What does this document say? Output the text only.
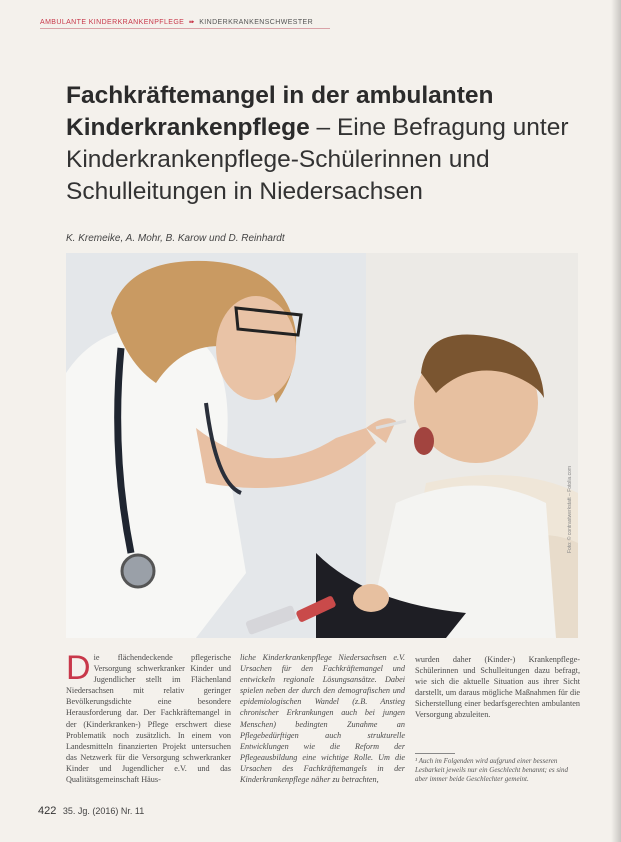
AMBULANTE KINDERKRANKENPFLEGE ➠ KINDERKRANKENSCHWESTER
Fachkräftemangel in der ambulanten Kinderkrankenpflege – Eine Befragung unter Kinderkrankenpflege-Schülerinnen und Schulleitungen in Niedersachsen
K. Kremeike, A. Mohr, B. Karow und D. Reinhardt
Foto: © contrastwerkstatt – Fotolia.com
Die flächendeckende pflegerische Versorgung schwerkranker Kinder und Jugendlicher stellt im Flächenland Niedersachsen mit relativ geringer Bevölkerungsdichte eine besondere Herausforderung dar. Der Fachkräftemangel in der (Kinderkranken-) Pflege erschwert diese Problematik noch zusätzlich. In einem von Landesmitteln finanzierten Projekt untersuchen das Netzwerk für die Versorgung schwerkranker Kinder und Jugendlicher e.V. und das Qualitätsgemeinschaft Häus-
liche Kinderkrankenpflege Niedersachsen e.V. Ursachen für den Fachkräftemangel und entwickeln regionale Lösungsansätze. Dabei spielen neben der durch den demografischen und epidemiologischen Wandel (z.B. Anstieg chronischer Erkrankungen auch bei jungen Menschen) bedingten Zunahme an Pflegebedürftigen auch strukturelle Entwicklungen wie die Reform der Pflegeausbildung eine wichtige Rolle. Um die Ursachen des Fachkräftemangels in der Kinderkrankenpflege näher zu betrachten,
wurden daher (Kinder-) Krankenpflege-Schülerinnen und Schulleitungen dazu befragt, wie sich die aktuelle Situation aus ihrer Sicht darstellt, um daraus mögliche Maßnahmen für die Sicherstellung einer bedarfsgerechten ambulanten Versorgung abzuleiten.
¹ Auch im Folgenden wird aufgrund einer besseren Lesbarkeit jeweils nur ein Geschlecht benannt; es sind aber immer beide Geschlechter gemeint.
422 35. Jg. (2016) Nr. 11
